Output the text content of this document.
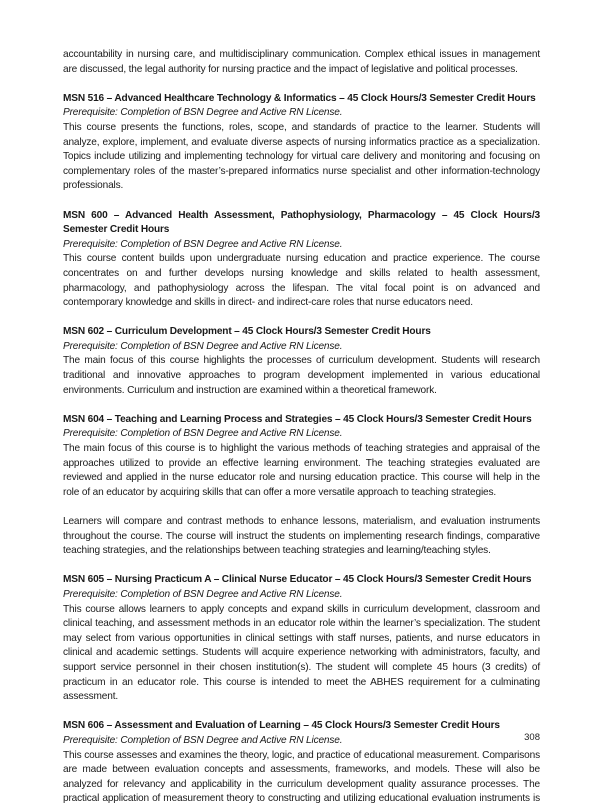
accountability in nursing care, and multidisciplinary communication. Complex ethical issues in management are discussed, the legal authority for nursing practice and the impact of legislative and political processes.

MSN 516 – Advanced Healthcare Technology & Informatics – 45 Clock Hours/3 Semester Credit Hours

Prerequisite: Completion of BSN Degree and Active RN License.

This course presents the functions, roles, scope, and standards of practice to the learner. Students will analyze, explore, implement, and evaluate diverse aspects of nursing informatics practice as a specialization. Topics include utilizing and implementing technology for virtual care delivery and monitoring and focusing on complementary roles of the master’s-prepared informatics nurse specialist and other information-technology professionals.

MSN 600 – Advanced Health Assessment, Pathophysiology, Pharmacology – 45 Clock Hours/3 Semester Credit Hours

Prerequisite: Completion of BSN Degree and Active RN License.

This course content builds upon undergraduate nursing education and practice experience. The course concentrates on and further develops nursing knowledge and skills related to health assessment, pharmacology, and pathophysiology across the lifespan. The vital focal point is on advanced and contemporary knowledge and skills in direct- and indirect-care roles that nurse educators need.

MSN 602 – Curriculum Development – 45 Clock Hours/3 Semester Credit Hours

Prerequisite: Completion of BSN Degree and Active RN License.

The main focus of this course highlights the processes of curriculum development. Students will research traditional and innovative approaches to program development implemented in various educational environments. Curriculum and instruction are examined within a theoretical framework.

MSN 604 – Teaching and Learning Process and Strategies – 45 Clock Hours/3 Semester Credit Hours

Prerequisite: Completion of BSN Degree and Active RN License.

The main focus of this course is to highlight the various methods of teaching strategies and appraisal of the approaches utilized to provide an effective learning environment. The teaching strategies evaluated are reviewed and applied in the nurse educator role and nursing education practice. This course will help in the role of an educator by acquiring skills that can offer a more versatile approach to teaching strategies.

Learners will compare and contrast methods to enhance lessons, materialism, and evaluation instruments throughout the course. The course will instruct the students on implementing research findings, comparative teaching strategies, and the relationships between teaching strategies and learning/teaching styles.

MSN 605 – Nursing Practicum A – Clinical Nurse Educator – 45 Clock Hours/3 Semester Credit Hours

Prerequisite: Completion of BSN Degree and Active RN License.

This course allows learners to apply concepts and expand skills in curriculum development, classroom and clinical teaching, and assessment methods in an educator role within the learner’s specialization. The student may select from various opportunities in clinical settings with staff nurses, patients, and nurse educators in clinical and academic settings. Students will acquire experience networking with administrators, faculty, and support service personnel in their chosen institution(s). The student will complete 45 hours (3 credits) of practicum in an educator role. This course is intended to meet the ABHES requirement for a culminating assessment.

MSN 606 – Assessment and Evaluation of Learning – 45 Clock Hours/3 Semester Credit Hours

Prerequisite: Completion of BSN Degree and Active RN License.

This course assesses and examines the theory, logic, and practice of educational measurement. Comparisons are made between evaluation concepts and assessments, frameworks, and models. These will also be analyzed for relevancy and applicability in the curriculum development quality assurance processes. The practical application of measurement theory to constructing and utilizing educational evaluation instruments is

308
